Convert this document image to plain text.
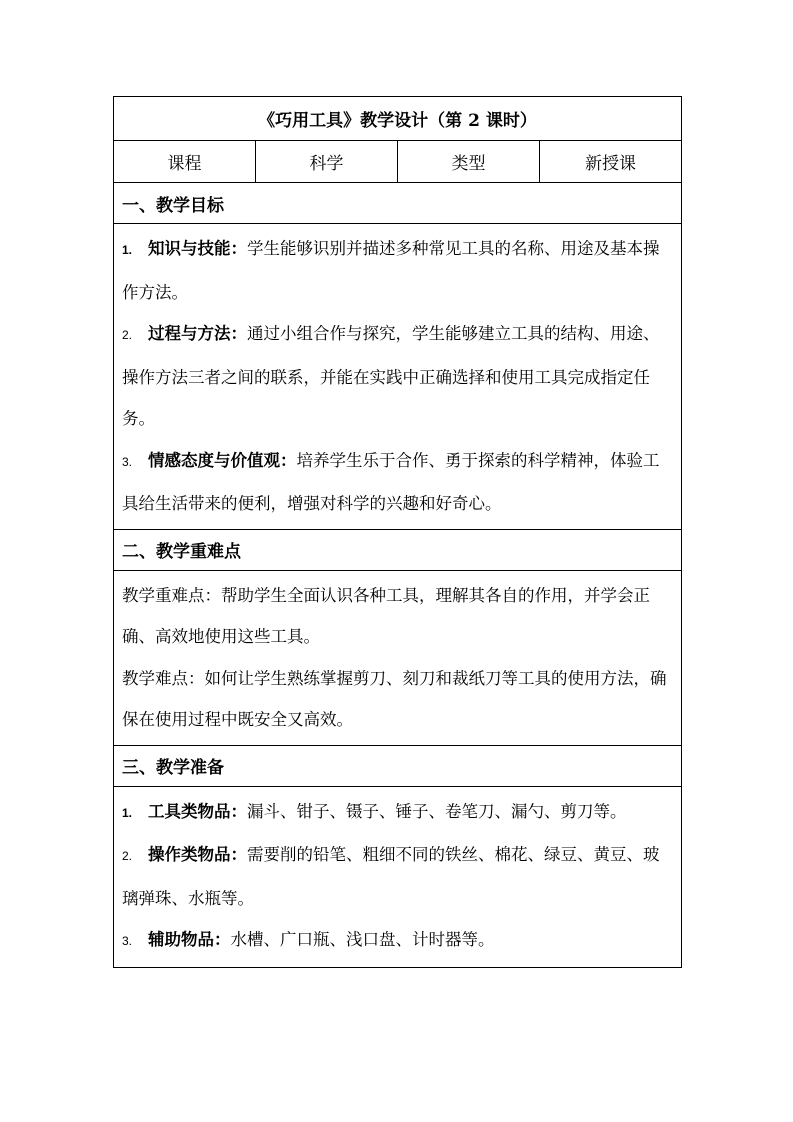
《巧用工具》教学设计（第 2 课时）
课程	科学	类型	新授课
一、教学目标

1. 知识与技能：学生能够识别并描述多种常见工具的名称、用途及基本操作方法。

2. 过程与方法：通过小组合作与探究，学生能够建立工具的结构、用途、操作方法三者之间的联系，并能在实践中正确选择和使用工具完成指定任务。

3. 情感态度与价值观：培养学生乐于合作、勇于探索的科学精神，体验工具给生活带来的便利，增强对科学的兴趣和好奇心。

二、教学重难点

教学重难点：帮助学生全面认识各种工具，理解其各自的作用，并学会正确、高效地使用这些工具。

教学难点：如何让学生熟练掌握剪刀、刻刀和裁纸刀等工具的使用方法，确保在使用过程中既安全又高效。

三、教学准备

1. 工具类物品：漏斗、钳子、镊子、锤子、卷笔刀、漏勺、剪刀等。

2. 操作类物品：需要削的铅笔、粗细不同的铁丝、棉花、绿豆、黄豆、玻璃弹珠、水瓶等。

3. 辅助物品：水槽、广口瓶、浅口盘、计时器等。
